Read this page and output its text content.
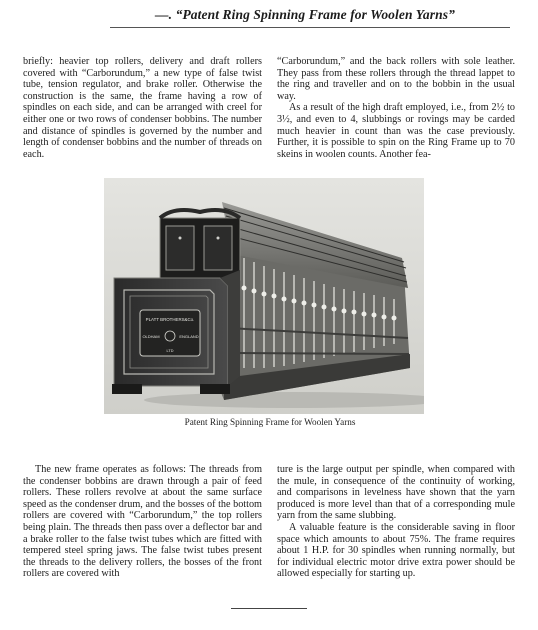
—. “Patent Ring Spinning Frame for Woolen Yarns”

briefly: heavier top rollers, delivery and draft rollers covered with “Carborundum,” a new type of false twist tube, tension regulator, and brake roller. Otherwise the construction is the same, the frame having a row of spindles on each side, and can be arranged with creel for either one or two rows of condenser bobbins. The number and distance of spindles is governed by the number and length of condenser bobbins and the number of threads on each.

“Carborundum,” and the back rollers with sole leather. They pass from these rollers through the thread lappet to the ring and traveller and on to the bobbin in the usual way.

As a result of the high draft employed, i.e., from 2½ to 3½, and even to 4, slubbings or rovings may be carded much heavier in count than was the case previously. Further, it is possible to spin on the Ring Frame up to 70 skeins in woolen counts. Another fea-

PLATT BROTHERS&Co.
OLDHAM	ENGLAND
LTD
Patent Ring Spinning Frame for Woolen Yarns

The new frame operates as follows: The threads from the condenser bobbins are drawn through a pair of feed rollers. These rollers revolve at about the same surface speed as the condenser drum, and the bosses of the bottom rollers are covered with “Carborundum,” the top rollers being plain. The threads then pass over a deflector bar and a brake roller to the false twist tubes which are fitted with tempered steel spring jaws. The false twist tubes present the threads to the delivery rollers, the bosses of the front rollers are covered with

ture is the large output per spindle, when compared with the mule, in consequence of the continuity of working, and comparisons in levelness have shown that the yarn produced is more level than that of a corresponding mule yarn from the same slubbing.

A valuable feature is the considerable saving in floor space which amounts to about 75%. The frame requires about 1 H.P. for 30 spindles when running normally, but for individual electric motor drive extra power should be allowed especially for starting up.
